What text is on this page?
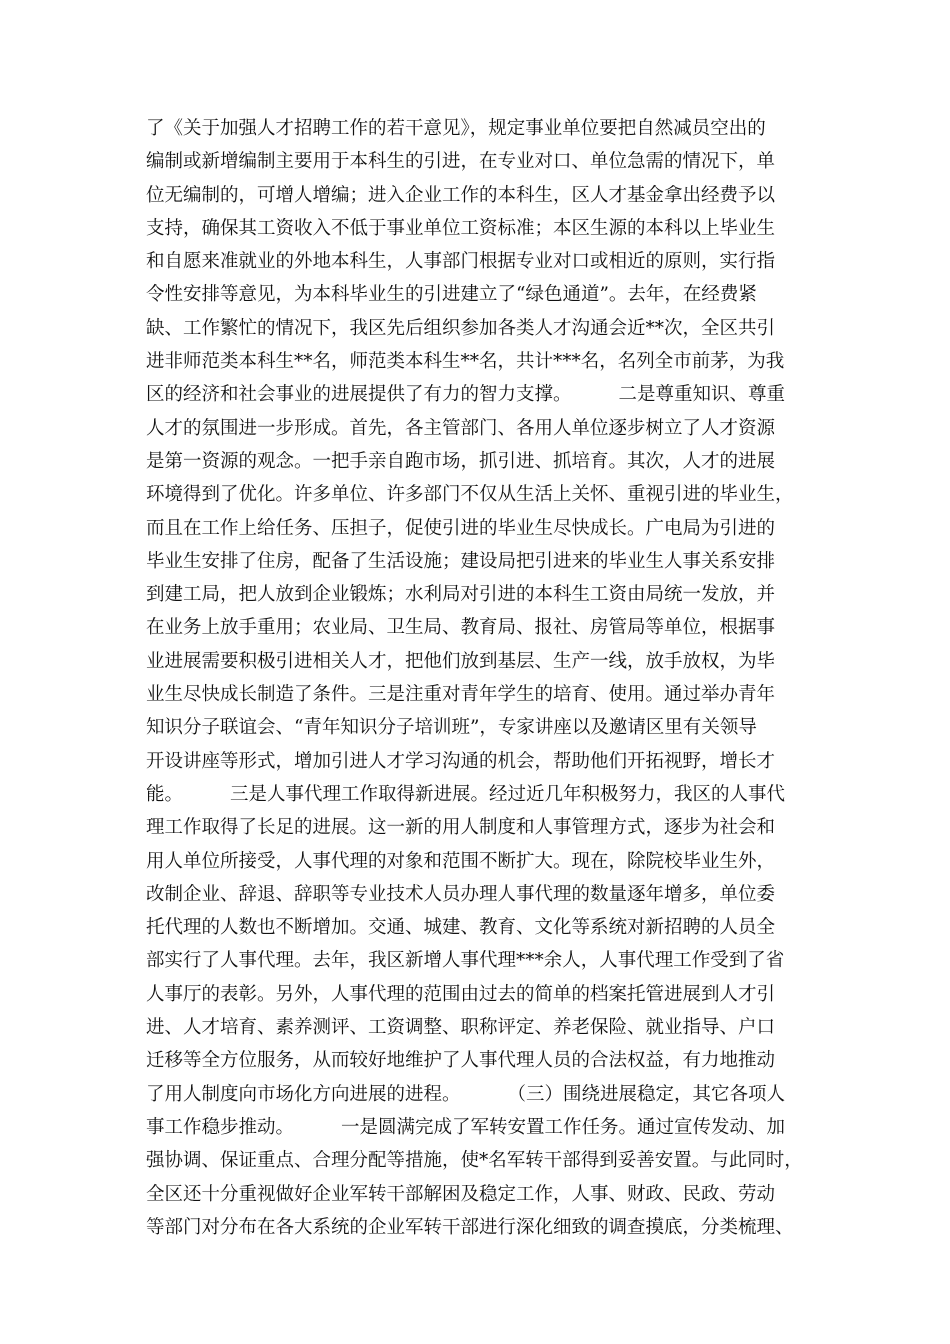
了《关于加强人才招聘工作的若干意见》，规定事业单位要把自然减员空出的
编制或新增编制主要用于本科生的引进，在专业对口、单位急需的情况下，单
位无编制的，可增人增编；进入企业工作的本科生，区人才基金拿出经费予以
支持，确保其工资收入不低于事业单位工资标准；本区生源的本科以上毕业生
和自愿来准就业的外地本科生，人事部门根据专业对口或相近的原则，实行指
令性安排等意见，为本科毕业生的引进建立了“绿色通道”。去年，在经费紧
缺、工作繁忙的情况下，我区先后组织参加各类人才沟通会近**次，全区共引
进非师范类本科生**名，师范类本科生**名，共计***名，名列全市前茅，为我
区的经济和社会事业的进展提供了有力的智力支撑。        二是尊重知识、尊重
人才的氛围进一步形成。首先，各主管部门、各用人单位逐步树立了人才资源
是第一资源的观念。一把手亲自跑市场，抓引进、抓培育。其次，人才的进展
环境得到了优化。许多单位、许多部门不仅从生活上关怀、重视引进的毕业生，
而且在工作上给任务、压担子，促使引进的毕业生尽快成长。广电局为引进的
毕业生安排了住房，配备了生活设施；建设局把引进来的毕业生人事关系安排
到建工局，把人放到企业锻炼；水利局对引进的本科生工资由局统一发放，并
在业务上放手重用；农业局、卫生局、教育局、报社、房管局等单位，根据事
业进展需要积极引进相关人才，把他们放到基层、生产一线，放手放权，为毕
业生尽快成长制造了条件。三是注重对青年学生的培育、使用。通过举办青年
知识分子联谊会、“青年知识分子培训班”，专家讲座以及邀请区里有关领导
开设讲座等形式，增加引进人才学习沟通的机会，帮助他们开拓视野，增长才
能。        三是人事代理工作取得新进展。经过近几年积极努力，我区的人事代
理工作取得了长足的进展。这一新的用人制度和人事管理方式，逐步为社会和
用人单位所接受，人事代理的对象和范围不断扩大。现在，除院校毕业生外，
改制企业、辞退、辞职等专业技术人员办理人事代理的数量逐年增多，单位委
托代理的人数也不断增加。交通、城建、教育、文化等系统对新招聘的人员全
部实行了人事代理。去年，我区新增人事代理***余人，人事代理工作受到了省
人事厅的表彰。另外，人事代理的范围由过去的简单的档案托管进展到人才引
进、人才培育、素养测评、工资调整、职称评定、养老保险、就业指导、户口
迁移等全方位服务，从而较好地维护了人事代理人员的合法权益，有力地推动
了用人制度向市场化方向进展的进程。        （三）围绕进展稳定，其它各项人
事工作稳步推动。        一是圆满完成了军转安置工作任务。通过宣传发动、加
强协调、保证重点、合理分配等措施，使*名军转干部得到妥善安置。与此同时，
全区还十分重视做好企业军转干部解困及稳定工作，人事、财政、民政、劳动
等部门对分布在各大系统的企业军转干部进行深化细致的调查摸底，分类梳理、
